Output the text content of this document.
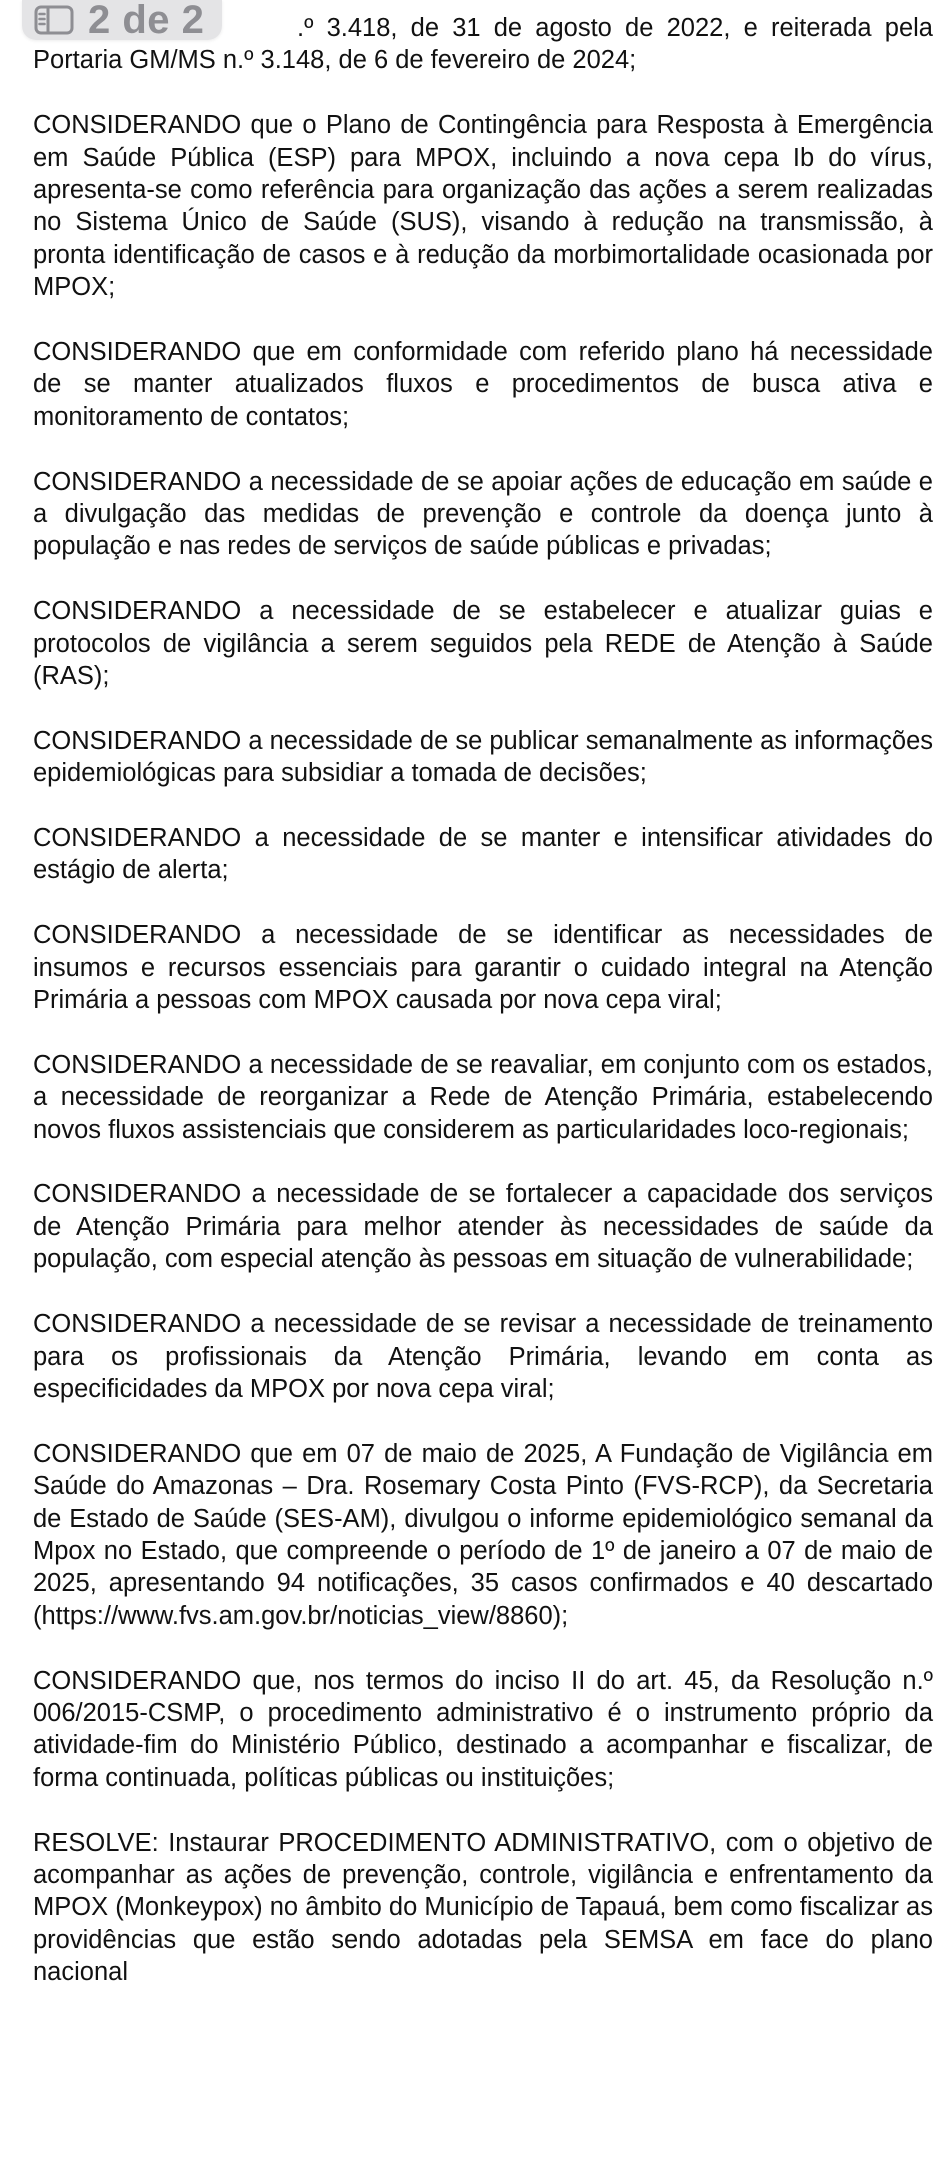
.º 3.418, de 31 de agosto de 2022, e reiterada pela Portaria GM/MS n.º 3.148, de 6 de fevereiro de 2024;

CONSIDERANDO que o Plano de Contingência para Resposta à Emergência em Saúde Pública (ESP) para MPOX, incluindo a nova cepa Ib do vírus, apresenta-se como referência para organização das ações a serem realizadas no Sistema Único de Saúde (SUS), visando à redução na transmissão, à pronta identificação de casos e à redução da morbimortalidade ocasionada por MPOX;

CONSIDERANDO que em conformidade com referido plano há necessidade de se manter atualizados fluxos e procedimentos de busca ativa e monitoramento de contatos;

CONSIDERANDO a necessidade de se apoiar ações de educação em saúde e a divulgação das medidas de prevenção e controle da doença junto à população e nas redes de serviços de saúde públicas e privadas;

CONSIDERANDO a necessidade de se estabelecer e atualizar guias e protocolos de vigilância a serem seguidos pela REDE de Atenção à Saúde (RAS);

CONSIDERANDO a necessidade de se publicar semanalmente as informações epidemiológicas para subsidiar a tomada de decisões;

CONSIDERANDO a necessidade de se manter e intensificar atividades do estágio de alerta;

CONSIDERANDO a necessidade de se identificar as necessidades de insumos e recursos essenciais para garantir o cuidado integral na Atenção Primária a pessoas com MPOX causada por nova cepa viral;

CONSIDERANDO a necessidade de se reavaliar, em conjunto com os estados, a necessidade de reorganizar a Rede de Atenção Primária, estabelecendo novos fluxos assistenciais que considerem as particularidades loco-regionais;

CONSIDERANDO a necessidade de se fortalecer a capacidade dos serviços de Atenção Primária para melhor atender às necessidades de saúde da população, com especial atenção às pessoas em situação de vulnerabilidade;

CONSIDERANDO a necessidade de se revisar a necessidade de treinamento para os profissionais da Atenção Primária, levando em conta as especificidades da MPOX por nova cepa viral;

CONSIDERANDO que em 07 de maio de 2025, A Fundação de Vigilância em Saúde do Amazonas – Dra. Rosemary Costa Pinto (FVS-RCP), da Secretaria de Estado de Saúde (SES-AM), divulgou o informe epidemiológico semanal da Mpox no Estado, que compreende o período de 1º de janeiro a 07 de maio de 2025, apresentando 94 notificações, 35 casos confirmados e 40 descartado (https://www.fvs.am.gov.br/noticias_view/8860);

CONSIDERANDO que, nos termos do inciso II do art. 45, da Resolução n.º 006/2015-CSMP, o procedimento administrativo é o instrumento próprio da atividade-fim do Ministério Público, destinado a acompanhar e fiscalizar, de forma continuada, políticas públicas ou instituições;

RESOLVE: Instaurar PROCEDIMENTO ADMINISTRATIVO, com o objetivo de acompanhar as ações de prevenção, controle, vigilância e enfrentamento da MPOX (Monkeypox) no âmbito do Município de Tapauá, bem como fiscalizar as providências que estão sendo adotadas pela SEMSA em face do plano nacional

2 de 2
